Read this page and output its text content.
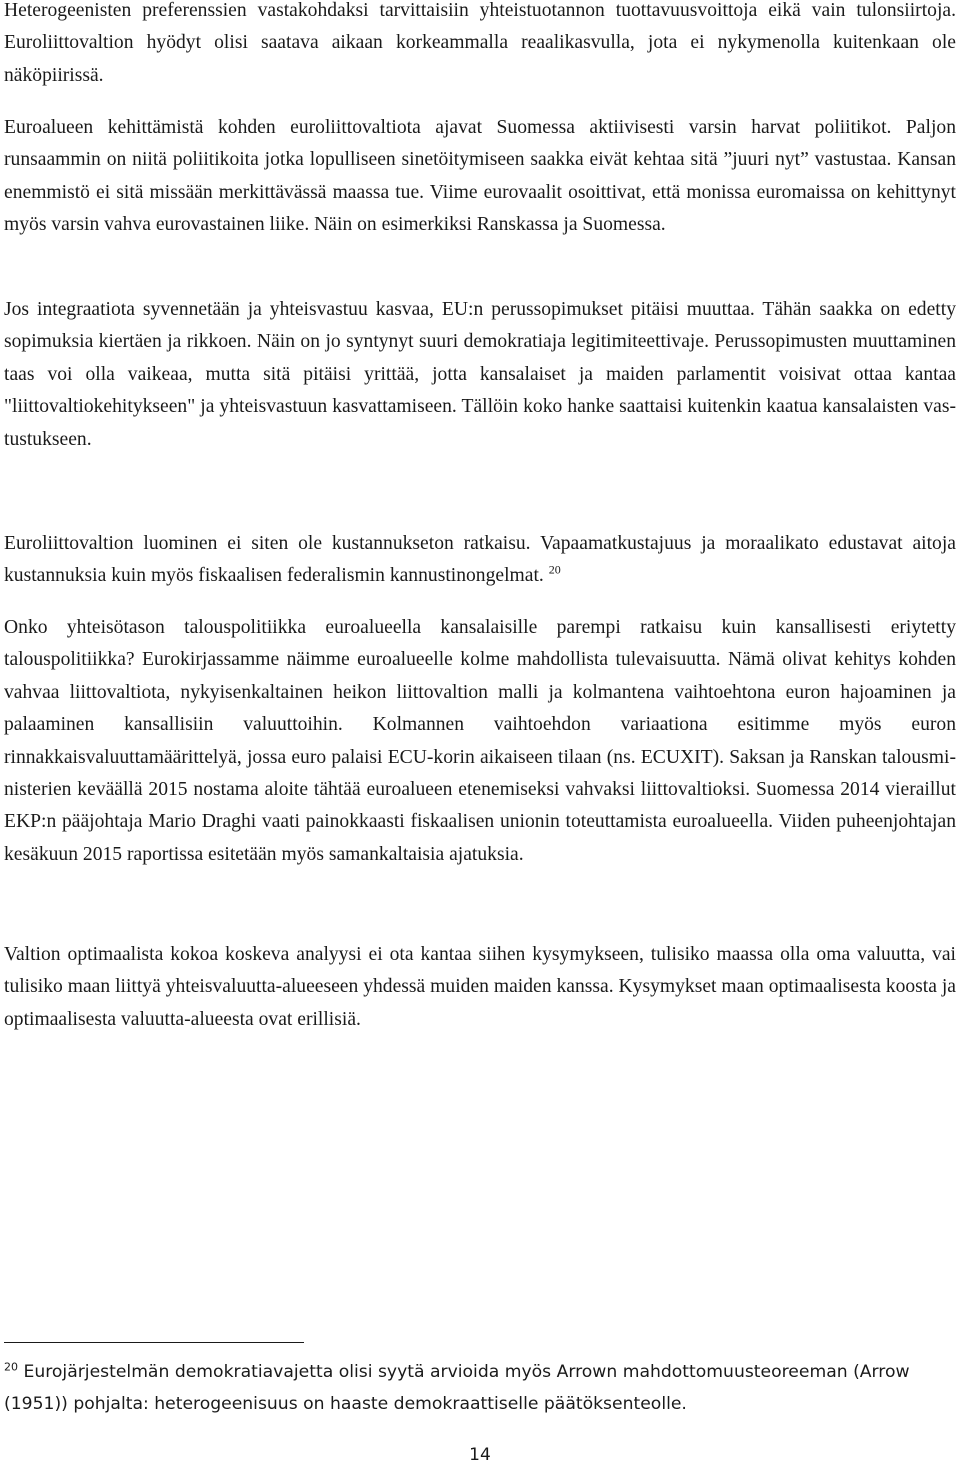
Heterogeenisten preferenssien vastakohdaksi tarvittaisiin yhteistuotannon tuottavuusvoittoja eikä vain tulonsiirtoja. Euroliittovaltion hyödyt olisi saatava aikaan korkeammalla reaalikasvulla, jota ei nykymenolla kuitenkaan ole näköpiirissä.

Euroalueen kehittämistä kohden euroliittovaltiota ajavat Suomessa aktiivisesti varsin harvat poliitikot. Paljon runsaammin on niitä poliitikoita jotka lopulliseen sinetöitymiseen saakka eivät kehtaa sitä ”juuri nyt” vastustaa. Kansan enemmistö ei sitä missään merkittävässä maassa tue. Viime eurovaalit osoittivat, että monissa euromaissa on kehittynyt myös varsin vahva eurovastainen liike. Näin on esimerkiksi Ranskassa ja Suomessa.

Jos integraatiota syvennetään ja yhteisvastuu kasvaa, EU:n perussopimukset pitäisi muuttaa. Tähän saakka on edetty sopimuksia kiertäen ja rikkoen. Näin on jo syntynyt suuri demokratiaja legitimiteettivaje. Perussopimusten muuttaminen taas voi olla vaikeaa, mutta sitä pitäisi yrittää, jotta kansalaiset ja maiden parlamentit voisivat ottaa kantaa "liittovaltiokehitykseen" ja yhteisvastuun kasvattamiseen. Tällöin koko hanke saattaisi kuitenkin kaatua kansalaisten vastustukseen.

Euroliittovaltion luominen ei siten ole kustannukseton ratkaisu. Vapaamatkustajuus ja moraalikato edustavat aitoja kustannuksia kuin myös fiskaalisen federalismin kannustinongelmat. $^{20}$

Onko yhteisötason talouspolitiikka euroalueella kansalaisille parempi ratkaisu kuin kansallisesti eriytetty talouspolitiikka? Eurokirjassamme näimme euroalueelle kolme mahdollista tulevaisuutta. Nämä olivat kehitys kohden vahvaa liittovaltiota, nykyisenkaltainen heikon liittovaltion malli ja kolmantena vaihtoehtona euron hajoaminen ja palaaminen kansallisiin valuuttoihin. Kolmannen vaihtoehdon variaationa esitimme myös euron rinnakkaisvaluuttamäärittelyä, jossa euro palaisi ECU-korin aikaiseen tilaan (ns. ECUXIT). Saksan ja Ranskan talousministerien keväällä 2015 nostama aloite tähtää euroalueen etenemiseksi vahvaksi liittovaltioksi. Suomessa 2014 vieraillut EKP:n pääjohtaja Mario Draghi vaati painokkaasti fiskaalisen unionin toteuttamista euroalueella. Viiden puheenjohtajan kesäkuun 2015 raportissa esitetään myös samankaltaisia ajatuksia.

Valtion optimaalista kokoa koskeva analyysi ei ota kantaa siihen kysymykseen, tulisiko maassa olla oma valuutta, vai tulisiko maan liittyä yhteisvaluutta-alueeseen yhdessä muiden maiden kanssa. Kysymykset maan optimaalisesta koosta ja optimaalisesta valuutta-alueesta ovat erillisiä.

$^{20}$ Eurojärjestelmän demokratiavajetta olisi syytä arvioida myös Arrown mahdottomuusteoreeman (Arrow (1951)) pohjalta: heterogeenisuus on haaste demokraattiselle päätöksenteolle.

14
